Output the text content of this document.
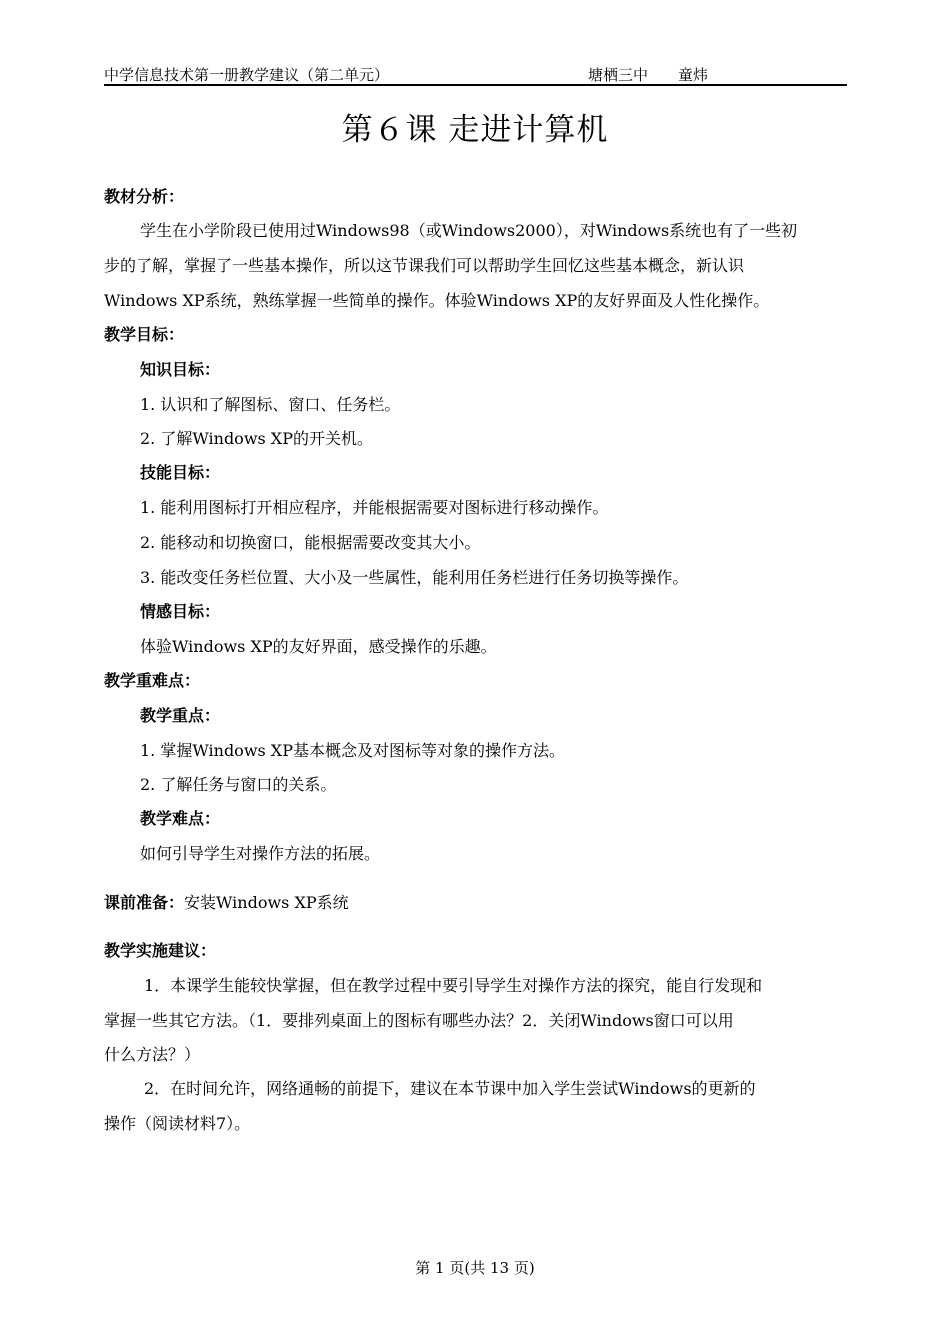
中学信息技术第一册教学建议（第二单元）	塘栖三中 童炜
第６课 走进计算机
教材分析：
学生在小学阶段已使用过Windows98（或Windows2000），对Windows系统也有了一些初
步的了解，掌握了一些基本操作，所以这节课我们可以帮助学生回忆这些基本概念，新认识
Windows XP系统，熟练掌握一些简单的操作。体验Windows XP的友好界面及人性化操作。
教学目标：
知识目标：
1. 认识和了解图标、窗口、任务栏。
2. 了解Windows XP的开关机。
技能目标：
1. 能利用图标打开相应程序，并能根据需要对图标进行移动操作。
2. 能移动和切换窗口，能根据需要改变其大小。
3. 能改变任务栏位置、大小及一些属性，能利用任务栏进行任务切换等操作。
情感目标：
体验Windows XP的友好界面，感受操作的乐趣。
教学重难点：
教学重点：
1. 掌握Windows XP基本概念及对图标等对象的操作方法。
2. 了解任务与窗口的关系。
教学难点：
如何引导学生对操作方法的拓展。
课前准备：安装Windows XP系统
教学实施建议：
1．本课学生能较快掌握，但在教学过程中要引导学生对操作方法的探究，能自行发现和
掌握一些其它方法。（1．要排列桌面上的图标有哪些办法？2．关闭Windows窗口可以用
什么方法？）
2．在时间允许，网络通畅的前提下，建议在本节课中加入学生尝试Windows的更新的
操作（阅读材料7）。
第 1 页(共 13 页)
